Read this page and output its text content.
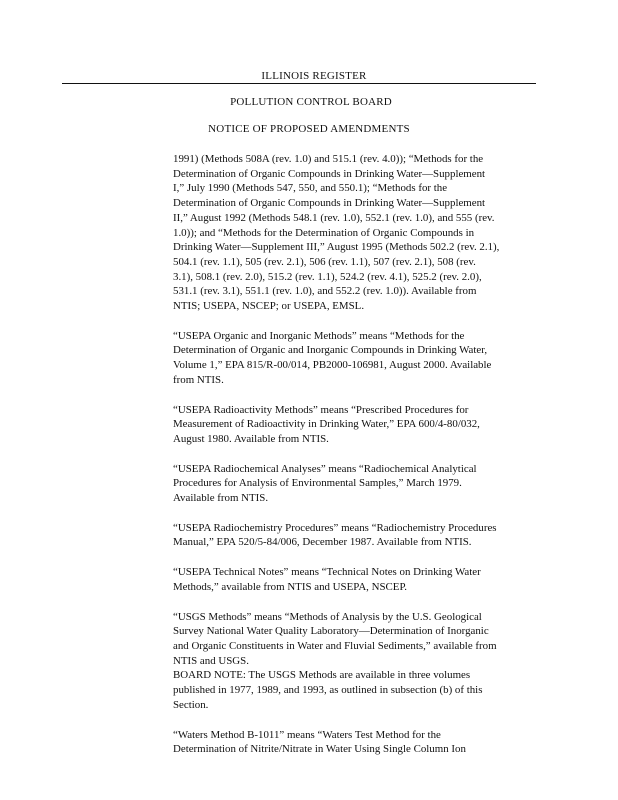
ILLINOIS REGISTER
POLLUTION CONTROL BOARD
NOTICE OF PROPOSED AMENDMENTS
1991) (Methods 508A (rev. 1.0) and 515.1 (rev. 4.0)); “Methods for the
Determination of Organic Compounds in Drinking Water—Supplement
I,” July 1990 (Methods 547, 550, and 550.1); “Methods for the
Determination of Organic Compounds in Drinking Water—Supplement
II,” August 1992 (Methods 548.1 (rev. 1.0), 552.1 (rev. 1.0), and 555 (rev.
1.0)); and “Methods for the Determination of Organic Compounds in
Drinking Water—Supplement III,” August 1995 (Methods 502.2 (rev. 2.1),
504.1 (rev. 1.1), 505 (rev. 2.1), 506 (rev. 1.1), 507 (rev. 2.1), 508 (rev.
3.1), 508.1 (rev. 2.0), 515.2 (rev. 1.1), 524.2 (rev. 4.1), 525.2 (rev. 2.0),
531.1 (rev. 3.1), 551.1 (rev. 1.0), and 552.2 (rev. 1.0)). Available from
NTIS; USEPA, NSCEP; or USEPA, EMSL.
“USEPA Organic and Inorganic Methods” means “Methods for the
Determination of Organic and Inorganic Compounds in Drinking Water,
Volume 1,” EPA 815/R-00/014, PB2000-106981, August 2000. Available
from NTIS.
“USEPA Radioactivity Methods” means “Prescribed Procedures for
Measurement of Radioactivity in Drinking Water,” EPA 600/4-80/032,
August 1980. Available from NTIS.
“USEPA Radiochemical Analyses” means “Radiochemical Analytical
Procedures for Analysis of Environmental Samples,” March 1979.
Available from NTIS.
“USEPA Radiochemistry Procedures” means “Radiochemistry Procedures
Manual,” EPA 520/5-84/006, December 1987. Available from NTIS.
“USEPA Technical Notes” means “Technical Notes on Drinking Water
Methods,” available from NTIS and USEPA, NSCEP.
“USGS Methods” means “Methods of Analysis by the U.S. Geological
Survey National Water Quality Laboratory—Determination of Inorganic
and Organic Constituents in Water and Fluvial Sediments,” available from
NTIS and USGS.
BOARD NOTE: The USGS Methods are available in three volumes
published in 1977, 1989, and 1993, as outlined in subsection (b) of this
Section.
“Waters Method B-1011” means “Waters Test Method for the
Determination of Nitrite/Nitrate in Water Using Single Column Ion
